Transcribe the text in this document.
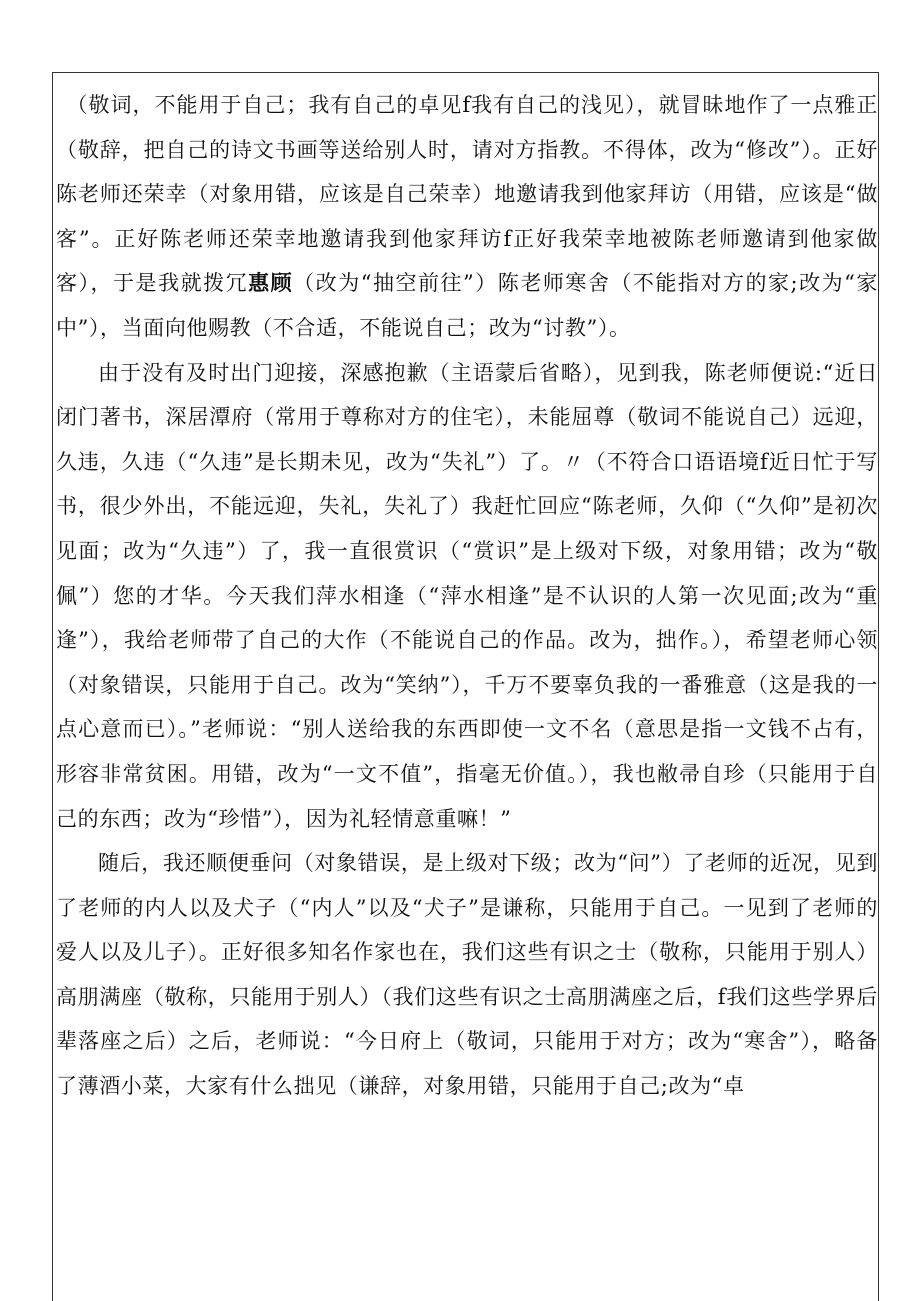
（敬词，不能用于自己；我有自己的卓见f我有自己的浅见），就冒昧地作了一点雅正（敬辞，把自己的诗文书画等送给别人时，请对方指教。不得体，改为“修改”）。正好陈老师还荣幸（对象用错，应该是自己荣幸）地邀请我到他家拜访（用错，应该是“做客”。正好陈老师还荣幸地邀请我到他家拜访f正好我荣幸地被陈老师邀请到他家做客），于是我就拨冗惠顾（改为“抽空前往”）陈老师寒舍（不能指对方的家;改为“家中”），当面向他赐教（不合适，不能说自己；改为“讨教”）。

由于没有及时出门迎接，深感抱歉（主语蒙后省略），见到我，陈老师便说:“近日闭门著书，深居潭府（常用于尊称对方的住宅），未能屈尊（敬词不能说自己）远迎，久违，久违（“久违”是长期未见，改为“失礼”）了。〃（不符合口语语境f近日忙于写书，很少外出，不能远迎，失礼，失礼了）我赶忙回应“陈老师，久仰（“久仰”是初次见面；改为“久违”）了，我一直很赏识（“赏识”是上级对下级，对象用错；改为“敬佩”）您的才华。今天我们萍水相逢（“萍水相逢”是不认识的人第一次见面;改为“重逢”），我给老师带了自己的大作（不能说自己的作品。改为，拙作。），希望老师心领（对象错误，只能用于自己。改为“笑纳”），千万不要辜负我的一番雅意（这是我的一点心意而已）。”老师说：“别人送给我的东西即使一文不名（意思是指一文钱不占有，形容非常贫困。用错，改为“一文不值”，指毫无价值。），我也敝帚自珍（只能用于自己的东西；改为“珍惜”），因为礼轻情意重嘛！”

随后，我还顺便垂问（对象错误，是上级对下级；改为“问”）了老师的近况，见到了老师的内人以及犬子（“内人”以及“犬子”是谦称，只能用于自己。一见到了老师的爱人以及儿子）。正好很多知名作家也在，我们这些有识之士（敬称，只能用于别人）高朋满座（敬称，只能用于别人）（我们这些有识之士高朋满座之后，f我们这些学界后辈落座之后）之后，老师说：“今日府上（敬词，只能用于对方；改为“寒舍”），略备了薄酒小菜，大家有什么拙见（谦辞，对象用错，只能用于自己;改为“卓
